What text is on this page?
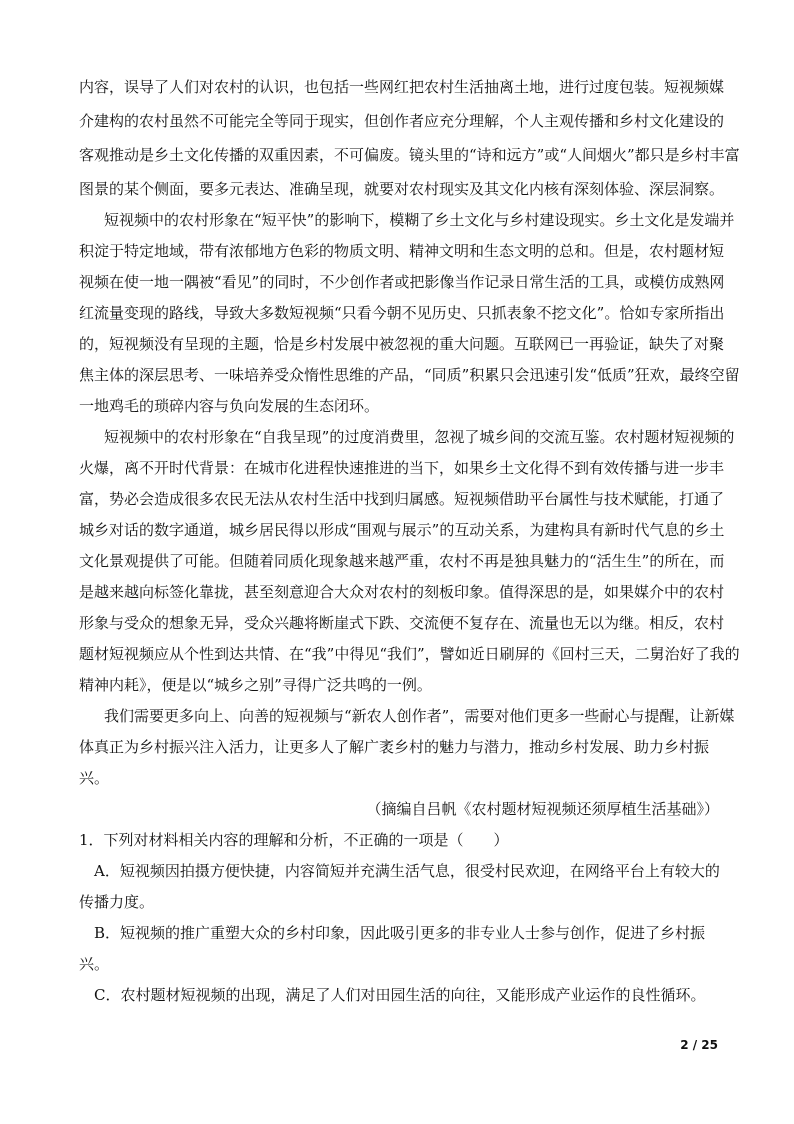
内容，误导了人们对农村的认识，也包括一些网红把农村生活抽离土地，进行过度包装。短视频媒
介建构的农村虽然不可能完全等同于现实，但创作者应充分理解，个人主观传播和乡村文化建设的
客观推动是乡土文化传播的双重因素，不可偏废。镜头里的“诗和远方”或“人间烟火”都只是乡村丰富
图景的某个侧面，要多元表达、准确呈现，就要对农村现实及其文化内核有深刻体验、深层洞察。
短视频中的农村形象在“短平快”的影响下，模糊了乡土文化与乡村建设现实。乡土文化是发端并
积淀于特定地域，带有浓郁地方色彩的物质文明、精神文明和生态文明的总和。但是，农村题材短
视频在使一地一隅被“看见”的同时，不少创作者或把影像当作记录日常生活的工具，或模仿成熟网
红流量变现的路线，导致大多数短视频“只看今朝不见历史、只抓表象不挖文化”。恰如专家所指出
的，短视频没有呈现的主题，恰是乡村发展中被忽视的重大问题。互联网已一再验证，缺失了对聚
焦主体的深层思考、一味培养受众惰性思维的产品，“同质”积累只会迅速引发“低质”狂欢，最终空留
一地鸡毛的琐碎内容与负向发展的生态闭环。
短视频中的农村形象在“自我呈现”的过度消费里，忽视了城乡间的交流互鉴。农村题材短视频的
火爆，离不开时代背景：在城市化进程快速推进的当下，如果乡土文化得不到有效传播与进一步丰
富，势必会造成很多农民无法从农村生活中找到归属感。短视频借助平台属性与技术赋能，打通了
城乡对话的数字通道，城乡居民得以形成“围观与展示”的互动关系，为建构具有新时代气息的乡土
文化景观提供了可能。但随着同质化现象越来越严重，农村不再是独具魅力的“活生生”的所在，而
是越来越向标签化靠拢，甚至刻意迎合大众对农村的刻板印象。值得深思的是，如果媒介中的农村
形象与受众的想象无异，受众兴趣将断崖式下跌、交流便不复存在、流量也无以为继。相反，农村
题材短视频应从个性到达共情、在“我”中得见“我们”，譬如近日刷屏的《回村三天，二舅治好了我的
精神内耗》，便是以“城乡之别”寻得广泛共鸣的一例。
我们需要更多向上、向善的短视频与“新农人创作者”，需要对他们更多一些耐心与提醒，让新媒
体真正为乡村振兴注入活力，让更多人了解广袤乡村的魅力与潜力，推动乡村发展、助力乡村振
兴。
（摘编自吕帆《农村题材短视频还须厚植生活基础》）
1．下列对材料相关内容的理解和分析，不正确的一项是（　　）
A．短视频因拍摄方便快捷，内容简短并充满生活气息，很受村民欢迎，在网络平台上有较大的
传播力度。
B．短视频的推广重塑大众的乡村印象，因此吸引更多的非专业人士参与创作，促进了乡村振
兴。
C．农村题材短视频的出现，满足了人们对田园生活的向往，又能形成产业运作的良性循环。
2 / 25
